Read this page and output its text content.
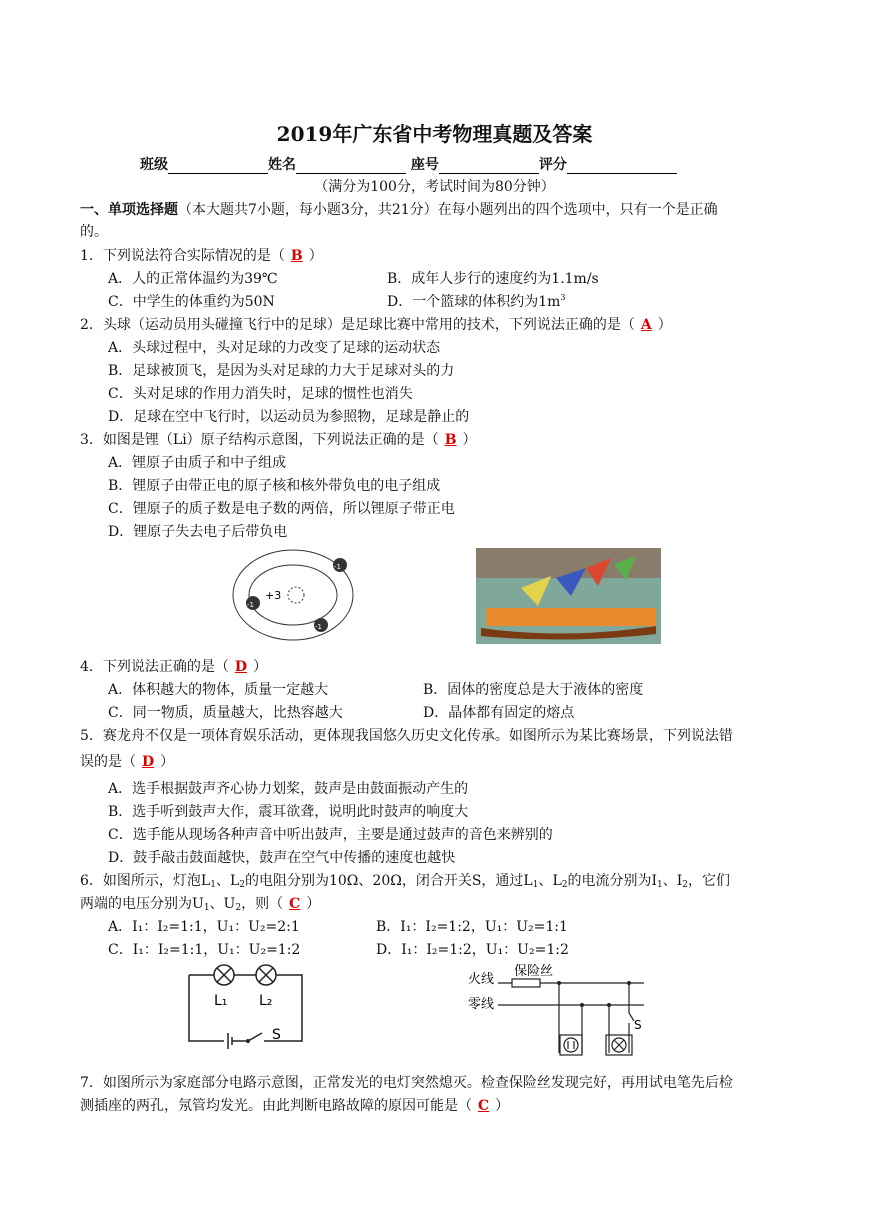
2019年广东省中考物理真题及答案
班级	姓名	座号	评分
（满分为100分，考试时间为80分钟）
一、单项选择题（本大题共7小题，每小题3分，共21分）在每小题列出的四个选项中，只有一个是正确
的。
1．下列说法符合实际情况的是（ B ）
A．人的正常体温约为39℃	B．成年人步行的速度约为1.1m/s
C．中学生的体重约为50N	D．一个篮球的体积约为$1m^3$
2．头球（运动员用头碰撞飞行中的足球）是足球比赛中常用的技术，下列说法正确的是（ A ）
A．头球过程中，头对足球的力改变了足球的运动状态
B．足球被顶飞，是因为头对足球的力大于足球对头的力
C．头对足球的作用力消失时，足球的惯性也消失
D．足球在空中飞行时，以运动员为参照物，足球是静止的
3．如图是锂（Li）原子结构示意图，下列说法正确的是（ B ）
A．锂原子由质子和中子组成
B．锂原子由带正电的原子核和核外带负电的电子组成
C．锂原子的质子数是电子数的两倍，所以锂原子带正电
D．锂原子失去电子后带负电
+3
-1
-1
-1
4．下列说法正确的是（ D ）
A．体积越大的物体，质量一定越大	B．固体的密度总是大于液体的密度
C．同一物质，质量越大，比热容越大	D．晶体都有固定的熔点
5．赛龙舟不仅是一项体育娱乐活动，更体现我国悠久历史文化传承。如图所示为某比赛场景，下列说法错
误的是（ D ）
A．选手根据鼓声齐心协力划桨，鼓声是由鼓面振动产生的
B．选手听到鼓声大作，震耳欲聋，说明此时鼓声的响度大
C．选手能从现场各种声音中听出鼓声，主要是通过鼓声的音色来辨别的
D．鼓手敲击鼓面越快，鼓声在空气中传播的速度也越快
6．如图所示，灯泡$L_1$、$L_2$的电阻分别为10Ω、20Ω，闭合开关S，通过$L_1$、$L_2$的电流分别为$I_1$、$I_2$，它们
两端的电压分别为$U_1$、$U_2$，则（ C ）
A．I₁：I₂=1:1，U₁：U₂=2:1	B．I₁：I₂=1:2，U₁：U₂=1:1
C．I₁：I₂=1:1，U₁：U₂=1:2	D．I₁：I₂=1:2，U₁：U₂=1:2
L₁ L₂
S
火线
零线
保险丝
S
7．如图所示为家庭部分电路示意图，正常发光的电灯突然熄灭。检查保险丝发现完好，再用试电笔先后检
测插座的两孔，氖管均发光。由此判断电路故障的原因可能是（ C ）
